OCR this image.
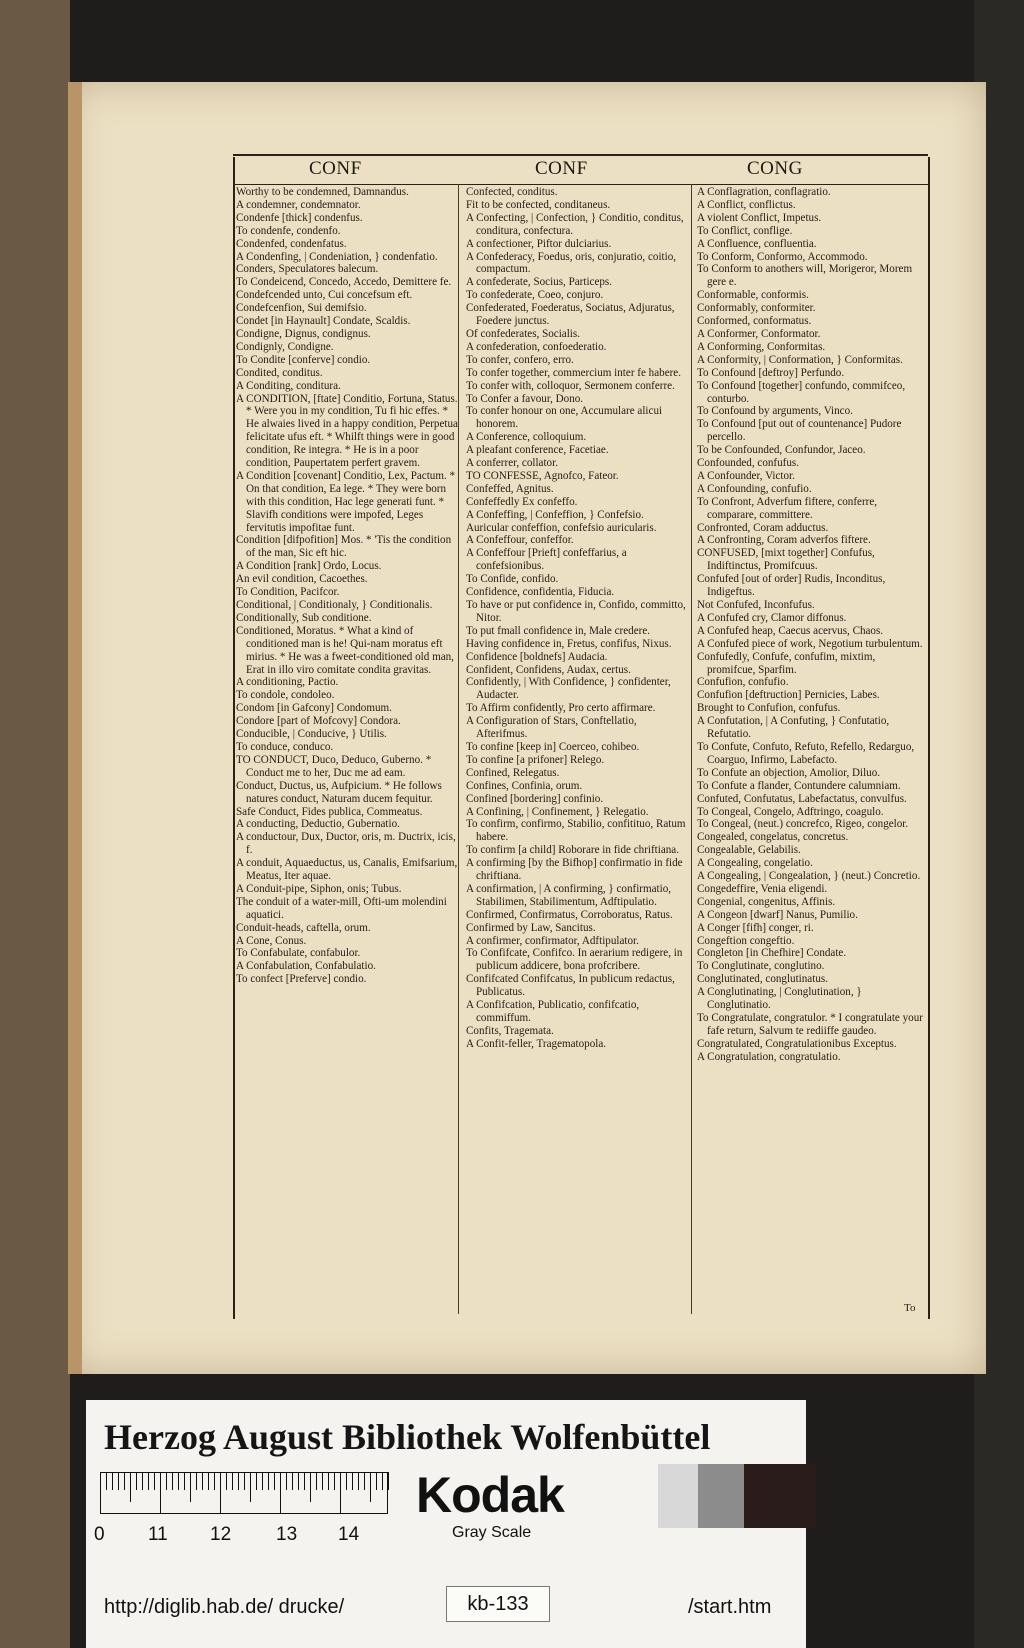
CONF	CONF	CONG

Worthy to be condemned, Damnandus.

A condemner, condemnator.

Condenfe [thick] condenfus.

To condenfe, condenfo.

Condenfed, condenfatus.

A Condenfing, | Condeniation, } condenfatio.

Conders, Speculatores balecum.

To Condeicend, Concedo, Accedo, Demittere fe.

Condefcended unto, Cui concefsum eft.

Condefcenfion, Sui demifsio.

Condet [in Haynault] Condate, Scaldis.

Condigne, Dignus, condignus.

Condignly, Condigne.

To Condite [conferve] condio.

Condited, conditus.

A Conditing, conditura.

A CONDITION, [ftate] Conditio, Fortuna, Status. * Were you in my condition, Tu fi hic effes. * He alwaies lived in a happy condition, Perpetua felicitate ufus eft. * Whilft things were in good condition, Re integra. * He is in a poor condition, Paupertatem perfert gravem.

A Condition [covenant] Conditio, Lex, Pactum. * On that condition, Ea lege. * They were born with this condition, Hac lege generati funt. * Slavifh conditions were impofed, Leges fervitutis impofitae funt.

Condition [difpofition] Mos. * 'Tis the condition of the man, Sic eft hic.

A Condition [rank] Ordo, Locus.

An evil condition, Cacoethes.

To Condition, Pacifcor.

Conditional, | Conditionaly, } Conditionalis.

Conditionally, Sub conditione.

Conditioned, Moratus. * What a kind of conditioned man is he! Qui-nam moratus eft mirius. * He was a fweet-conditioned old man, Erat in illo viro comitate condita gravitas.

A conditioning, Pactio.

To condole, condoleo.

Condom [in Gafcony] Condomum.

Condore [part of Mofcovy] Condora.

Conducible, | Conducive, } Utilis.

To conduce, conduco.

TO CONDUCT, Duco, Deduco, Guberno. * Conduct me to her, Duc me ad eam.

Conduct, Ductus, us, Aufpicium. * He follows natures conduct, Naturam ducem fequitur.

Safe Conduct, Fides publica, Commeatus.

A conducting, Deductio, Gubernatio.

A conductour, Dux, Ductor, oris, m. Ductrix, icis, f.

A conduit, Aquaeductus, us, Canalis, Emifsarium, Meatus, Iter aquae.

A Conduit-pipe, Siphon, onis; Tubus.

The conduit of a water-mill, Ofti-um molendini aquatici.

Conduit-heads, caftella, orum.

A Cone, Conus.

To Confabulate, confabulor.

A Confabulation, Confabulatio.

To confect [Preferve] condio.

Confected, conditus.

Fit to be confected, conditaneus.

A Confecting, | Confection, } Conditio, conditus, conditura, confectura.

A confectioner, Piftor dulciarius.

A Confederacy, Foedus, oris, conjuratio, coitio, compactum.

A confederate, Socius, Particeps.

To confederate, Coeo, conjuro.

Confederated, Foederatus, Sociatus, Adjuratus, Foedere junctus.

Of confederates, Socialis.

A confederation, confoederatio.

To confer, confero, erro.

To confer together, commercium inter fe habere.

To confer with, colloquor, Sermonem conferre.

To Confer a favour, Dono.

To confer honour on one, Accumulare alicui honorem.

A Conference, colloquium.

A pleafant conference, Facetiae.

A conferrer, collator.

TO CONFESSE, Agnofco, Fateor.

Confeffed, Agnitus.

Confeffedly Ex confeffo.

A Confeffing, | Confeffion, } Confefsio.

Auricular confeffion, confefsio auricularis.

A Confeffour, confeffor.

A Confeffour [Prieft] confeffarius, a confefsionibus.

To Confide, confido.

Confidence, confidentia, Fiducia.

To have or put confidence in, Confido, committo, Nitor.

To put fmall confidence in, Male credere.

Having confidence in, Fretus, confifus, Nixus.

Confidence [boldnefs] Audacia.

Confident, Confidens, Audax, certus.

Confidently, | With Confidence, } confidenter, Audacter.

To Affirm confidently, Pro certo affirmare.

A Configuration of Stars, Conftellatio, Afterifmus.

To confine [keep in] Coerceo, cohibeo.

To confine [a prifoner] Relego.

Confined, Relegatus.

Confines, Confinia, orum.

Confined [bordering] confinio.

A Confining, | Confinement, } Relegatio.

To confirm, confirmo, Stabilio, confitituo, Ratum habere.

To confirm [a child] Roborare in fide chriftiana.

A confirming [by the Bifhop] confirmatio in fide chriftiana.

A confirmation, | A confirming, } confirmatio, Stabilimen, Stabilimentum, Adftipulatio.

Confirmed, Confirmatus, Corroboratus, Ratus.

Confirmed by Law, Sancitus.

A confirmer, confirmator, Adftipulator.

To Confifcate, Confifco. In aerarium redigere, in publicum addicere, bona profcribere.

Confifcated Confifcatus, In publicum redactus, Publicatus.

A Confifcation, Publicatio, confifcatio, commiffum.

Confits, Tragemata.

A Confit-feller, Tragematopola.

A Conflagration, conflagratio.

A Conflict, conflictus.

A violent Conflict, Impetus.

To Conflict, conflige.

A Confluence, confluentia.

To Conform, Conformo, Accommodo.

To Conform to anothers will, Morigeror, Morem gere e.

Conformable, conformis.

Conformably, conformiter.

Conformed, conformatus.

A Conformer, Conformator.

A Conforming, Conformitas.

A Conformity, | Conformation, } Conformitas.

To Confound [deftroy] Perfundo.

To Confound [together] confundo, commifceo, conturbo.

To Confound by arguments, Vinco.

To Confound [put out of countenance] Pudore percello.

To be Confounded, Confundor, Jaceo.

Confounded, confufus.

A Confounder, Victor.

A Confounding, confufio.

To Confront, Adverfum fiftere, conferre, comparare, committere.

Confronted, Coram adductus.

A Confronting, Coram adverfos fiftere.

CONFUSED, [mixt together] Confufus, Indiftinctus, Promifcuus.

Confufed [out of order] Rudis, Inconditus, Indigeftus.

Not Confufed, Inconfufus.

A Confufed cry, Clamor diffonus.

A Confufed heap, Caecus acervus, Chaos.

A Confufed piece of work, Negotium turbulentum.

Confufedly, Confufe, confufim, mixtim, promifcue, Sparfim.

Confufion, confufio.

Confufion [deftruction] Pernicies, Labes.

Brought to Confufion, confufus.

A Confutation, | A Confuting, } Confutatio, Refutatio.

To Confute, Confuto, Refuto, Refello, Redarguo, Coarguo, Infirmo, Labefacto.

To Confute an objection, Amolior, Diluo.

To Confute a flander, Contundere calumniam.

Confuted, Confutatus, Labefactatus, convulfus.

To Congeal, Congelo, Adftringo, coagulo.

To Congeal, (neut.) concrefco, Rigeo, congelor.

Congealed, congelatus, concretus.

Congealable, Gelabilis.

A Congealing, congelatio.

A Congealing, | Congealation, } (neut.) Concretio.

Congedeffire, Venia eligendi.

Congenial, congenitus, Affinis.

A Congeon [dwarf] Nanus, Pumilio.

A Conger [fifh] conger, ri.

Congeftion congeftio.

Congleton [in Chefhire] Condate.

To Conglutinate, conglutino.

Conglutinated, conglutinatus.

A Conglutinating, | Conglutination, } Conglutinatio.

To Congratulate, congratulor. * I congratulate your fafe return, Salvum te rediiffe gaudeo.

Congratulated, Congratulationibus Exceptus.

A Congratulation, congratulatio.

To
Herzog August Bibliothek Wolfenbüttel
0 11 12 13 14
Kodak
Gray Scale
http://diglib.hab.de/ drucke/	kb-133	/start.htm
